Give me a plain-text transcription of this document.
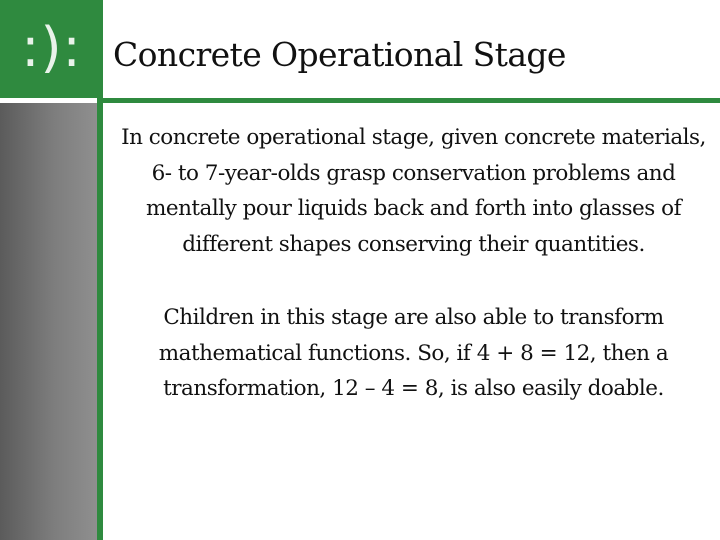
:): Concrete Operational Stage

In concrete operational stage, given concrete materials, 6- to 7-year-olds grasp conservation problems and mentally pour liquids back and forth into glasses of different shapes conserving their quantities.

Children in this stage are also able to transform mathematical functions. So, if 4 + 8 = 12, then a transformation, 12 – 4 = 8, is also easily doable.
